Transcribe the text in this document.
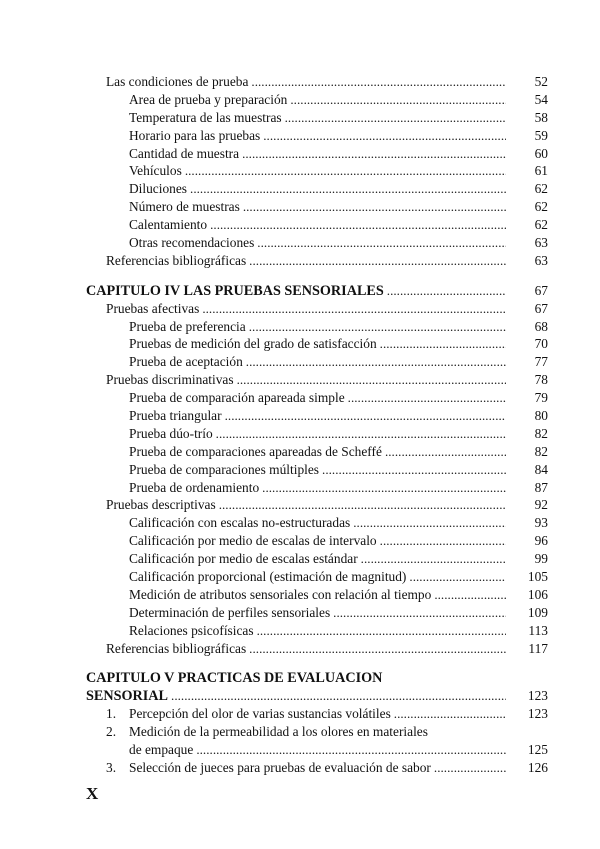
Las condiciones de prueba . . .	52
Area de prueba y preparación . . .	54
Temperatura de las muestras . . .	58
Horario para las pruebas . . .	59
Cantidad de muestra . . .	60
Vehículos . . .	61
Diluciones . . .	62
Número de muestras . . .	62
Calentamiento . . .	62
Otras recomendaciones . . .	63
Referencias bibliográficas . . .	63
CAPITULO IV LAS PRUEBAS SENSORIALES . . .	67
Pruebas afectivas . . .	67
Prueba de preferencia . . .	68
Pruebas de medición del grado de satisfacción . . .	70
Prueba de aceptación . . .	77
Pruebas discriminativas . . .	78
Prueba de comparación apareada simple . . .	79
Prueba triangular . . .	80
Prueba dúo-trío . . .	82
Prueba de comparaciones apareadas de Scheffé . . .	82
Prueba de comparaciones múltiples . . .	84
Prueba de ordenamiento . . .	87
Pruebas descriptivas . . .	92
Calificación con escalas no-estructuradas . . .	93
Calificación por medio de escalas de intervalo . . .	96
Calificación por medio de escalas estándar . . .	99
Calificación proporcional (estimación de magnitud) . . .	105
Medición de atributos sensoriales con relación al tiempo . . .	106
Determinación de perfiles sensoriales . . .	109
Relaciones psicofísicas . . .	113
Referencias bibliográficas . . .	117
CAPITULO V PRACTICAS DE EVALUACION
SENSORIAL . . .	123
1. Percepción del olor de varias sustancias volátiles . . .	123
2. Medición de la permeabilidad a los olores en materiales
de empaque . . .	125
3. Selección de jueces para pruebas de evaluación de sabor . . .	126
X
